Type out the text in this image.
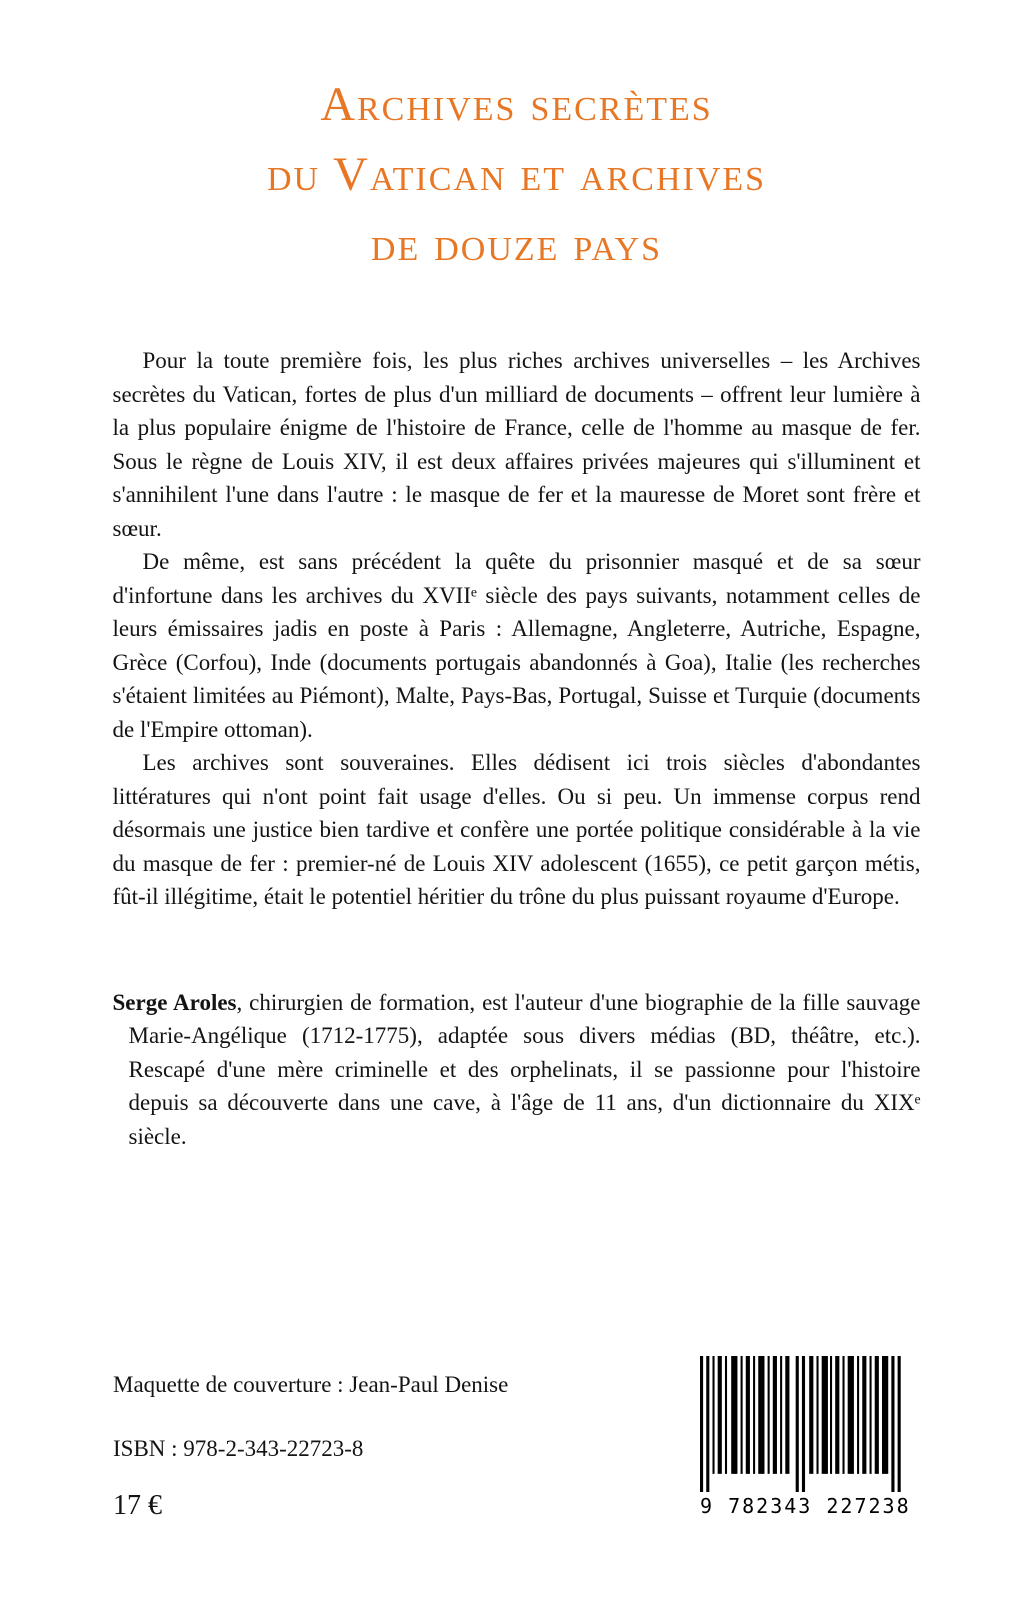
Archives secrètes
du Vatican et archives
de douze pays

Pour la toute première fois, les plus riches archives universelles – les Archives secrètes du Vatican, fortes de plus d'un milliard de documents – offrent leur lumière à la plus populaire énigme de l'histoire de France, celle de l'homme au masque de fer. Sous le règne de Louis XIV, il est deux affaires privées majeures qui s'illuminent et s'annihilent l'une dans l'autre : le masque de fer et la mauresse de Moret sont frère et sœur.

De même, est sans précédent la quête du prisonnier masqué et de sa sœur d'infortune dans les archives du XVIIᵉ siècle des pays suivants, notamment celles de leurs émissaires jadis en poste à Paris : Allemagne, Angleterre, Autriche, Espagne, Grèce (Corfou), Inde (documents portugais abandonnés à Goa), Italie (les recherches s'étaient limitées au Piémont), Malte, Pays-Bas, Portugal, Suisse et Turquie (documents de l'Empire ottoman).

Les archives sont souveraines. Elles dédisent ici trois siècles d'abondantes littératures qui n'ont point fait usage d'elles. Ou si peu. Un immense corpus rend désormais une justice bien tardive et confère une portée politique considérable à la vie du masque de fer : premier-né de Louis XIV adolescent (1655), ce petit garçon métis, fût-il illégitime, était le potentiel héritier du trône du plus puissant royaume d'Europe.

Serge Aroles, chirurgien de formation, est l'auteur d'une biographie de la fille sauvage Marie-Angélique (1712-1775), adaptée sous divers médias (BD, théâtre, etc.). Rescapé d'une mère criminelle et des orphelinats, il se passionne pour l'histoire depuis sa découverte dans une cave, à l'âge de 11 ans, d'un dictionnaire du XIXᵉ siècle.

Maquette de couverture : Jean-Paul Denise
ISBN : 978-2-343-22723-8
17 €	9 782343 227238
